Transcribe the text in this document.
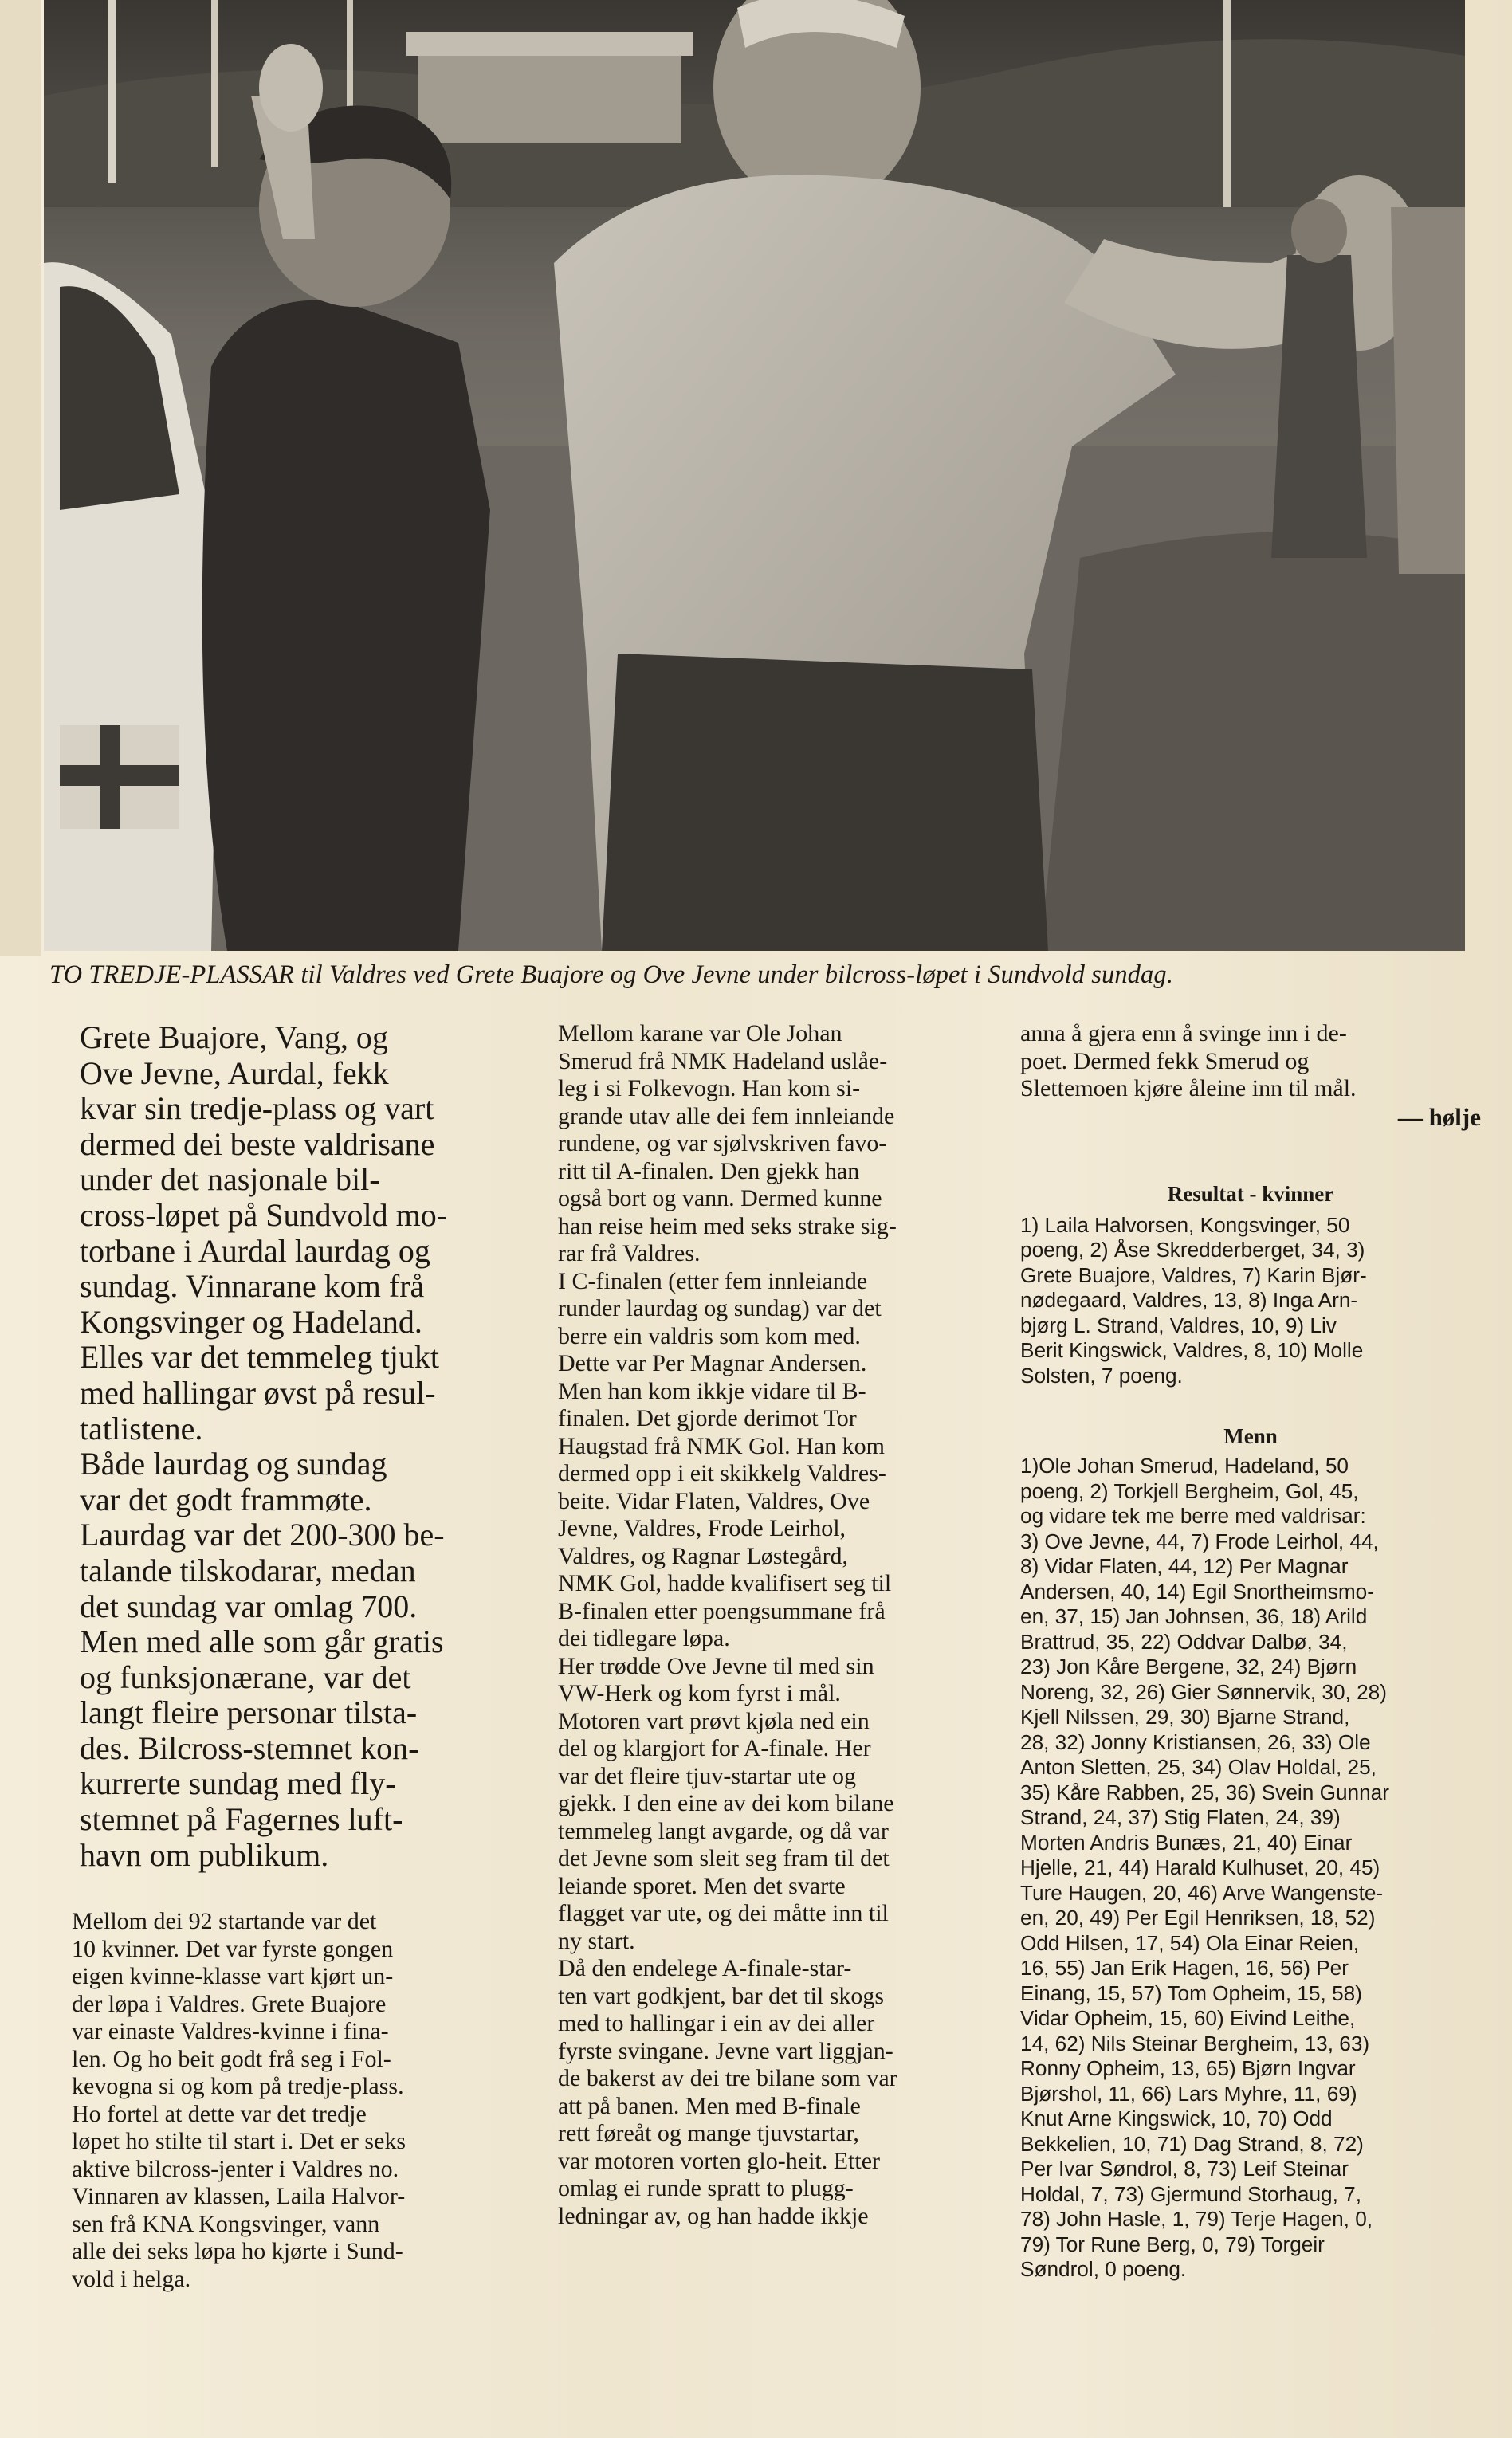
TO TREDJE-PLASSAR til Valdres ved Grete Buajore og Ove Jevne under bilcross-løpet i Sundvold sundag.

Grete Buajore, Vang, og
Ove Jevne, Aurdal, fekk
kvar sin tredje-plass og vart
dermed dei beste valdrisane
under det nasjonale bil-
cross-løpet på Sundvold mo-
torbane i Aurdal laurdag og
sundag. Vinnarane kom frå
Kongsvinger og Hadeland.
Elles var det temmeleg tjukt
med hallingar øvst på resul-
tatlistene.

Både laurdag og sundag
var det godt frammøte.
Laurdag var det 200-300 be-
talande tilskodarar, medan
det sundag var omlag 700.
Men med alle som går gratis
og funksjonærane, var det
langt fleire personar tilsta-
des. Bilcross-stemnet kon-
kurrerte sundag med fly-
stemnet på Fagernes luft-
havn om publikum.

Mellom dei 92 startande var det
10 kvinner. Det var fyrste gongen
eigen kvinne-klasse vart kjørt un-
der løpa i Valdres. Grete Buajore
var einaste Valdres-kvinne i fina-
len. Og ho beit godt frå seg i Fol-
kevogna si og kom på tredje-plass.
Ho fortel at dette var det tredje
løpet ho stilte til start i. Det er seks
aktive bilcross-jenter i Valdres no.
Vinnaren av klassen, Laila Halvor-
sen frå KNA Kongsvinger, vann
alle dei seks løpa ho kjørte i Sund-
vold i helga.

Mellom karane var Ole Johan
Smerud frå NMK Hadeland uslåe-
leg i si Folkevogn. Han kom si-
grande utav alle dei fem innleiande
rundene, og var sjølvskriven favo-
ritt til A-finalen. Den gjekk han
også bort og vann. Dermed kunne
han reise heim med seks strake sig-
rar frå Valdres.

I C-finalen (etter fem innleiande
runder laurdag og sundag) var det
berre ein valdris som kom med.
Dette var Per Magnar Andersen.
Men han kom ikkje vidare til B-
finalen. Det gjorde derimot Tor
Haugstad frå NMK Gol. Han kom
dermed opp i eit skikkelg Valdres-
beite. Vidar Flaten, Valdres, Ove
Jevne, Valdres, Frode Leirhol,
Valdres, og Ragnar Løstegård,
NMK Gol, hadde kvalifisert seg til
B-finalen etter poengsummane frå
dei tidlegare løpa.

Her trødde Ove Jevne til med sin
VW-Herk og kom fyrst i mål.
Motoren vart prøvt kjøla ned ein
del og klargjort for A-finale. Her
var det fleire tjuv-startar ute og
gjekk. I den eine av dei kom bilane
temmeleg langt avgarde, og då var
det Jevne som sleit seg fram til det
leiande sporet. Men det svarte
flagget var ute, og dei måtte inn til
ny start.

Då den endelege A-finale-star-
ten vart godkjent, bar det til skogs
med to hallingar i ein av dei aller
fyrste svingane. Jevne vart liggjan-
de bakerst av dei tre bilane som var
att på banen. Men med B-finale
rett føreåt og mange tjuvstartar,
var motoren vorten glo-heit. Etter
omlag ei runde spratt to plugg-
ledningar av, og han hadde ikkje

anna å gjera enn å svinge inn i de-
poet. Dermed fekk Smerud og
Slettemoen kjøre åleine inn til mål.

— hølje

Resultat - kvinner
1) Laila Halvorsen, Kongsvinger, 50
poeng, 2) Åse Skredderberget, 34, 3)
Grete Buajore, Valdres, 7) Karin Bjør-
nødegaard, Valdres, 13, 8) Inga Arn-
bjørg L. Strand, Valdres, 10, 9) Liv
Berit Kingswick, Valdres, 8, 10) Molle
Solsten, 7 poeng.
Menn
1)Ole Johan Smerud, Hadeland, 50
poeng, 2) Torkjell Bergheim, Gol, 45,
og vidare tek me berre med valdrisar:
3) Ove Jevne, 44, 7) Frode Leirhol, 44,
8) Vidar Flaten, 44, 12) Per Magnar
Andersen, 40, 14) Egil Snortheimsmo-
en, 37, 15) Jan Johnsen, 36, 18) Arild
Brattrud, 35, 22) Oddvar Dalbø, 34,
23) Jon Kåre Bergene, 32, 24) Bjørn
Noreng, 32, 26) Gier Sønnervik, 30, 28)
Kjell Nilssen, 29, 30) Bjarne Strand,
28, 32) Jonny Kristiansen, 26, 33) Ole
Anton Sletten, 25, 34) Olav Holdal, 25,
35) Kåre Rabben, 25, 36) Svein Gunnar
Strand, 24, 37) Stig Flaten, 24, 39)
Morten Andris Bunæs, 21, 40) Einar
Hjelle, 21, 44) Harald Kulhuset, 20, 45)
Ture Haugen, 20, 46) Arve Wangenste-
en, 20, 49) Per Egil Henriksen, 18, 52)
Odd Hilsen, 17, 54) Ola Einar Reien,
16, 55) Jan Erik Hagen, 16, 56) Per
Einang, 15, 57) Tom Opheim, 15, 58)
Vidar Opheim, 15, 60) Eivind Leithe,
14, 62) Nils Steinar Bergheim, 13, 63)
Ronny Opheim, 13, 65) Bjørn Ingvar
Bjørshol, 11, 66) Lars Myhre, 11, 69)
Knut Arne Kingswick, 10, 70) Odd
Bekkelien, 10, 71) Dag Strand, 8, 72)
Per Ivar Søndrol, 8, 73) Leif Steinar
Holdal, 7, 73) Gjermund Storhaug, 7,
78) John Hasle, 1, 79) Terje Hagen, 0,
79) Tor Rune Berg, 0, 79) Torgeir
Søndrol, 0 poeng.
